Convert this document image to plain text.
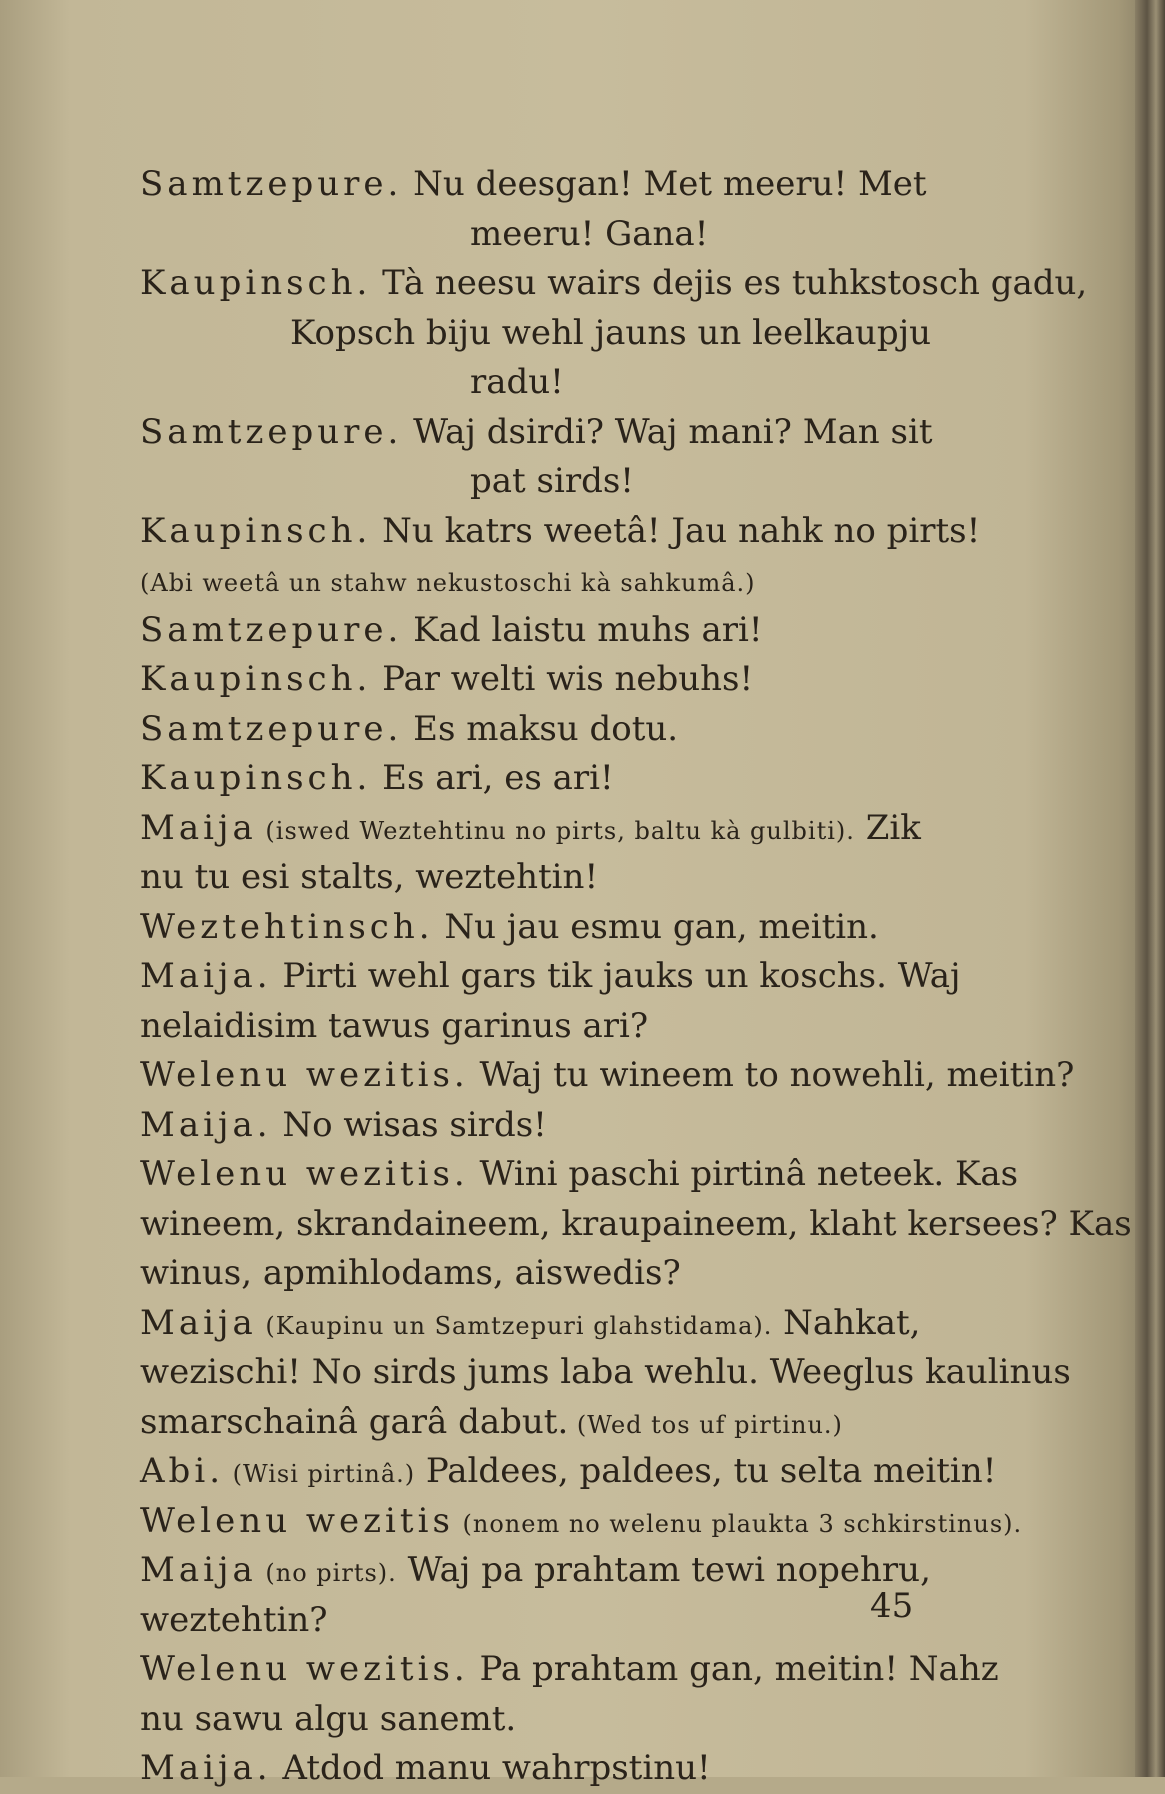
Samtzepure. Nu deesgan! Met meeru! Met
meeru! Gana!
Kaupinsch. Tà neesu wairs dejis es tuhkstosch gadu,
Kopsch biju wehl jauns un leelkaupju
radu!
Samtzepure. Waj dsirdi? Waj mani? Man sit
pat sirds!
Kaupinsch. Nu katrs weetâ! Jau nahk no pirts!
(Abi weetâ un stahw nekustoschi kà sahkumâ.)
Samtzepure. Kad laistu muhs ari!
Kaupinsch. Par welti wis nebuhs!
Samtzepure. Es maksu dotu.
Kaupinsch. Es ari, es ari!
Maija (iswed Weztehtinu no pirts, baltu kà gulbiti). Zik
nu tu esi stalts, weztehtin!
Weztehtinsch. Nu jau esmu gan, meitin.
Maija. Pirti wehl gars tik jauks un koschs. Waj
nelaidisim tawus garinus ari?
Welenu wezitis. Waj tu wineem to nowehli, meitin?
Maija. No wisas sirds!
Welenu wezitis. Wini paschi pirtinâ neteek. Kas
wineem, skrandaineem, kraupaineem, klaht kersees? Kas
winus, apmihlodams, aiswedis?
Maija (Kaupinu un Samtzepuri glahstidama). Nahkat,
wezischi! No sirds jums laba wehlu. Weeglus kaulinus
smarschainâ garâ dabut. (Wed tos uf pirtinu.)
Abi. (Wisi pirtinâ.) Paldees, paldees, tu selta meitin!
Welenu wezitis (nonem no welenu plaukta 3 schkirstinus).
Maija (no pirts). Waj pa prahtam tewi nopehru,
weztehtin?
Welenu wezitis. Pa prahtam gan, meitin! Nahz
nu sawu algu sanemt.
Maija. Atdod manu wahrpstinu!
45
